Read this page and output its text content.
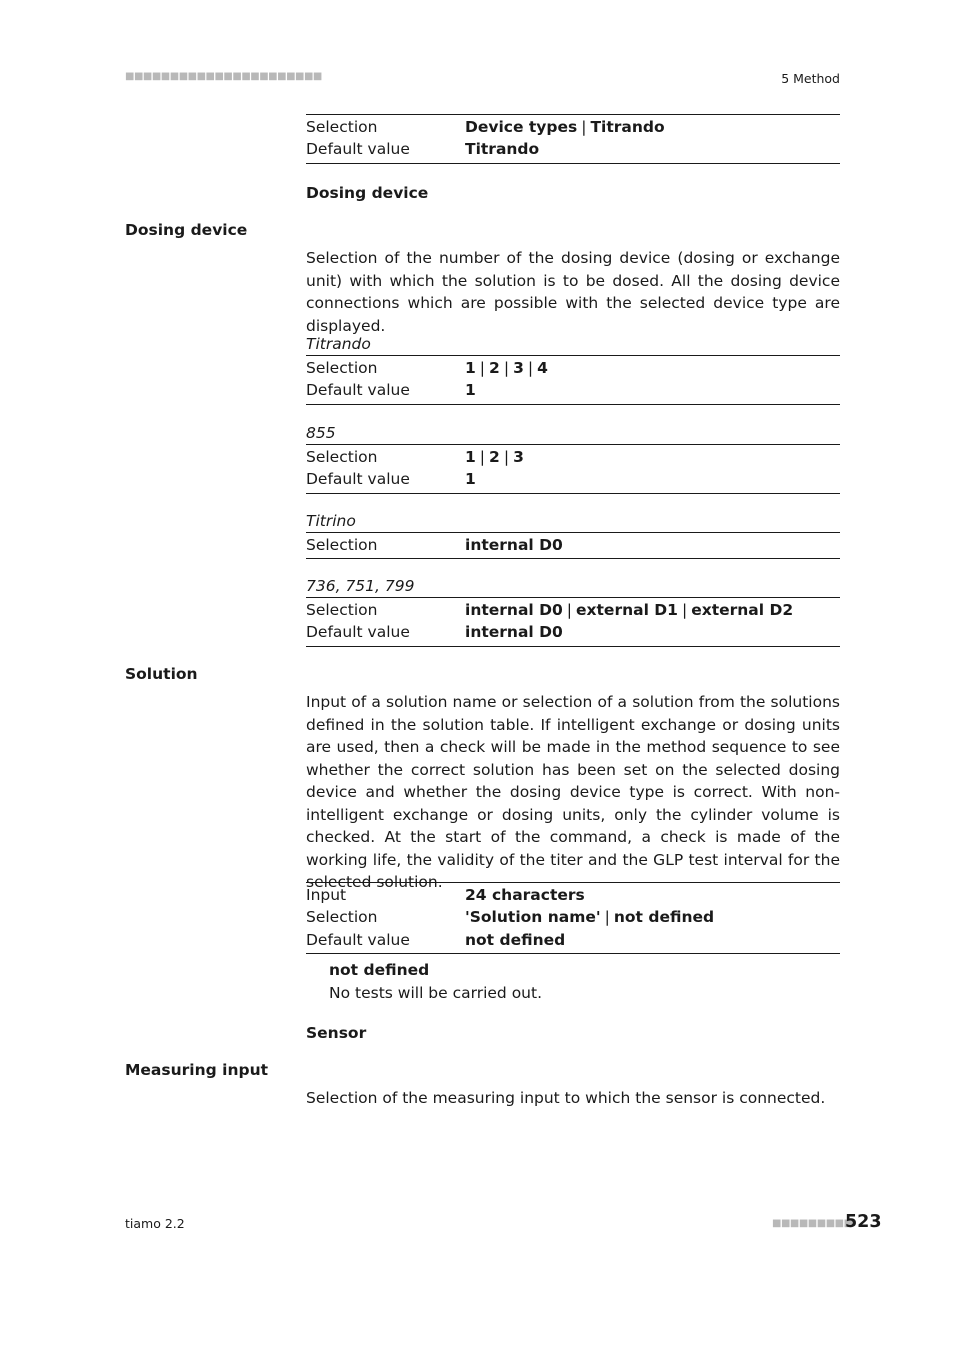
■■■■■■■■■■■■■■■■■■■■■■	5 Method
Selection	Device types | Titrando
Default value	Titrando
Dosing device
Dosing device
Selection of the number of the dosing device (dosing or exchange unit) with which the solution is to be dosed. All the dosing device connections which are possible with the selected device type are displayed.
Titrando
Selection	1 | 2 | 3 | 4
Default value	1
855
Selection	1 | 2 | 3
Default value	1
Titrino
Selection	internal D0
736, 751, 799
Selection	internal D0 | external D1 | external D2
Default value	internal D0
Solution
Input of a solution name or selection of a solution from the solutions defined in the solution table. If intelligent exchange or dosing units are used, then a check will be made in the method sequence to see whether the correct solution has been set on the selected dosing device and whether the dosing device type is correct. With non-intelligent exchange or dosing units, only the cylinder volume is checked. At the start of the command, a check is made of the working life, the validity of the titer and the GLP test interval for the selected solution.
Input	24 characters
Selection	'Solution name' | not defined
Default value	not defined
not defined
No tests will be carried out.
Sensor
Measuring input
Selection of the measuring input to which the sensor is connected.
tiamo 2.2	■■■■■■■■■
523
